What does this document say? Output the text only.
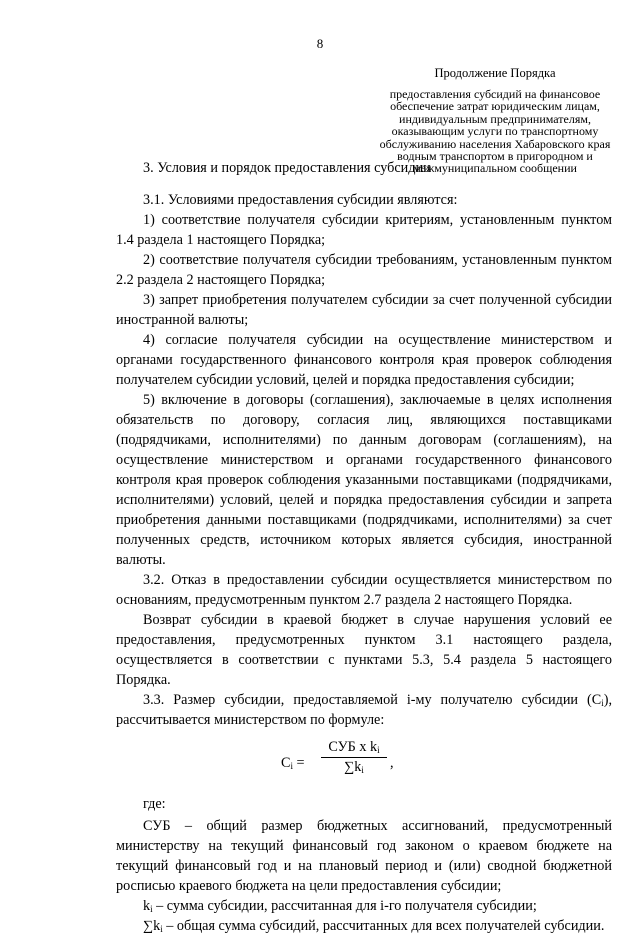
8
Продолжение Порядка
предоставления субсидий на финансовое
обеспечение затрат юридическим лицам,
индивидуальным предпринимателям,
оказывающим услуги по транспортному
обслуживанию населения Хабаровского края
водным транспортом в пригородном и
межмуниципальном сообщении

3. Условия и порядок предоставления субсидии

3.1. Условиями предоставления субсидии являются:

1) соответствие получателя субсидии критериям, установленным пунктом 1.4 раздела 1 настоящего Порядка;

2) соответствие получателя субсидии требованиям, установленным пунктом 2.2 раздела 2 настоящего Порядка;

3) запрет приобретения получателем субсидии за счет полученной субсидии иностранной валюты;

4) согласие получателя субсидии на осуществление министерством и органами государственного финансового контроля края проверок соблюдения получателем субсидии условий, целей и порядка предоставления субсидии;

5) включение в договоры (соглашения), заключаемые в целях исполнения обязательств по договору, согласия лиц, являющихся поставщиками (подрядчиками, исполнителями) по данным договорам (соглашениям), на осуществление министерством и органами государственного финансового контроля края проверок соблюдения указанными поставщиками (подрядчиками, исполнителями) условий, целей и порядка предоставления субсидии и запрета приобретения данными поставщиками (подрядчиками, исполнителями) за счет полученных средств, источником которых является субсидия, иностранной валюты.

3.2. Отказ в предоставлении субсидии осуществляется министерством по основаниям, предусмотренным пунктом 2.7 раздела 2 настоящего Порядка.

Возврат субсидии в краевой бюджет в случае нарушения условий ее предоставления, предусмотренных пунктом 3.1 настоящего раздела, осуществляется в соответствии с пунктами 5.3, 5.4 раздела 5 настоящего Порядка.

3.3. Размер субсидии, предоставляемой i-му получателю субсидии $(C_i)$, рассчитывается министерством по формуле:

$C_i$ =
СУБ x $k_i$
$\sum k_i$	,

где:

СУБ – общий размер бюджетных ассигнований, предусмотренный министерству на текущий финансовый год законом о краевом бюджете на текущий финансовый год и на плановый период и (или) сводной бюджетной росписью краевого бюджета на цели предоставления субсидии;

$k_i$ – сумма субсидии, рассчитанная для i-го получателя субсидии;

$\sum k_i$ – общая сумма субсидий, рассчитанных для всех получателей субсидии.
